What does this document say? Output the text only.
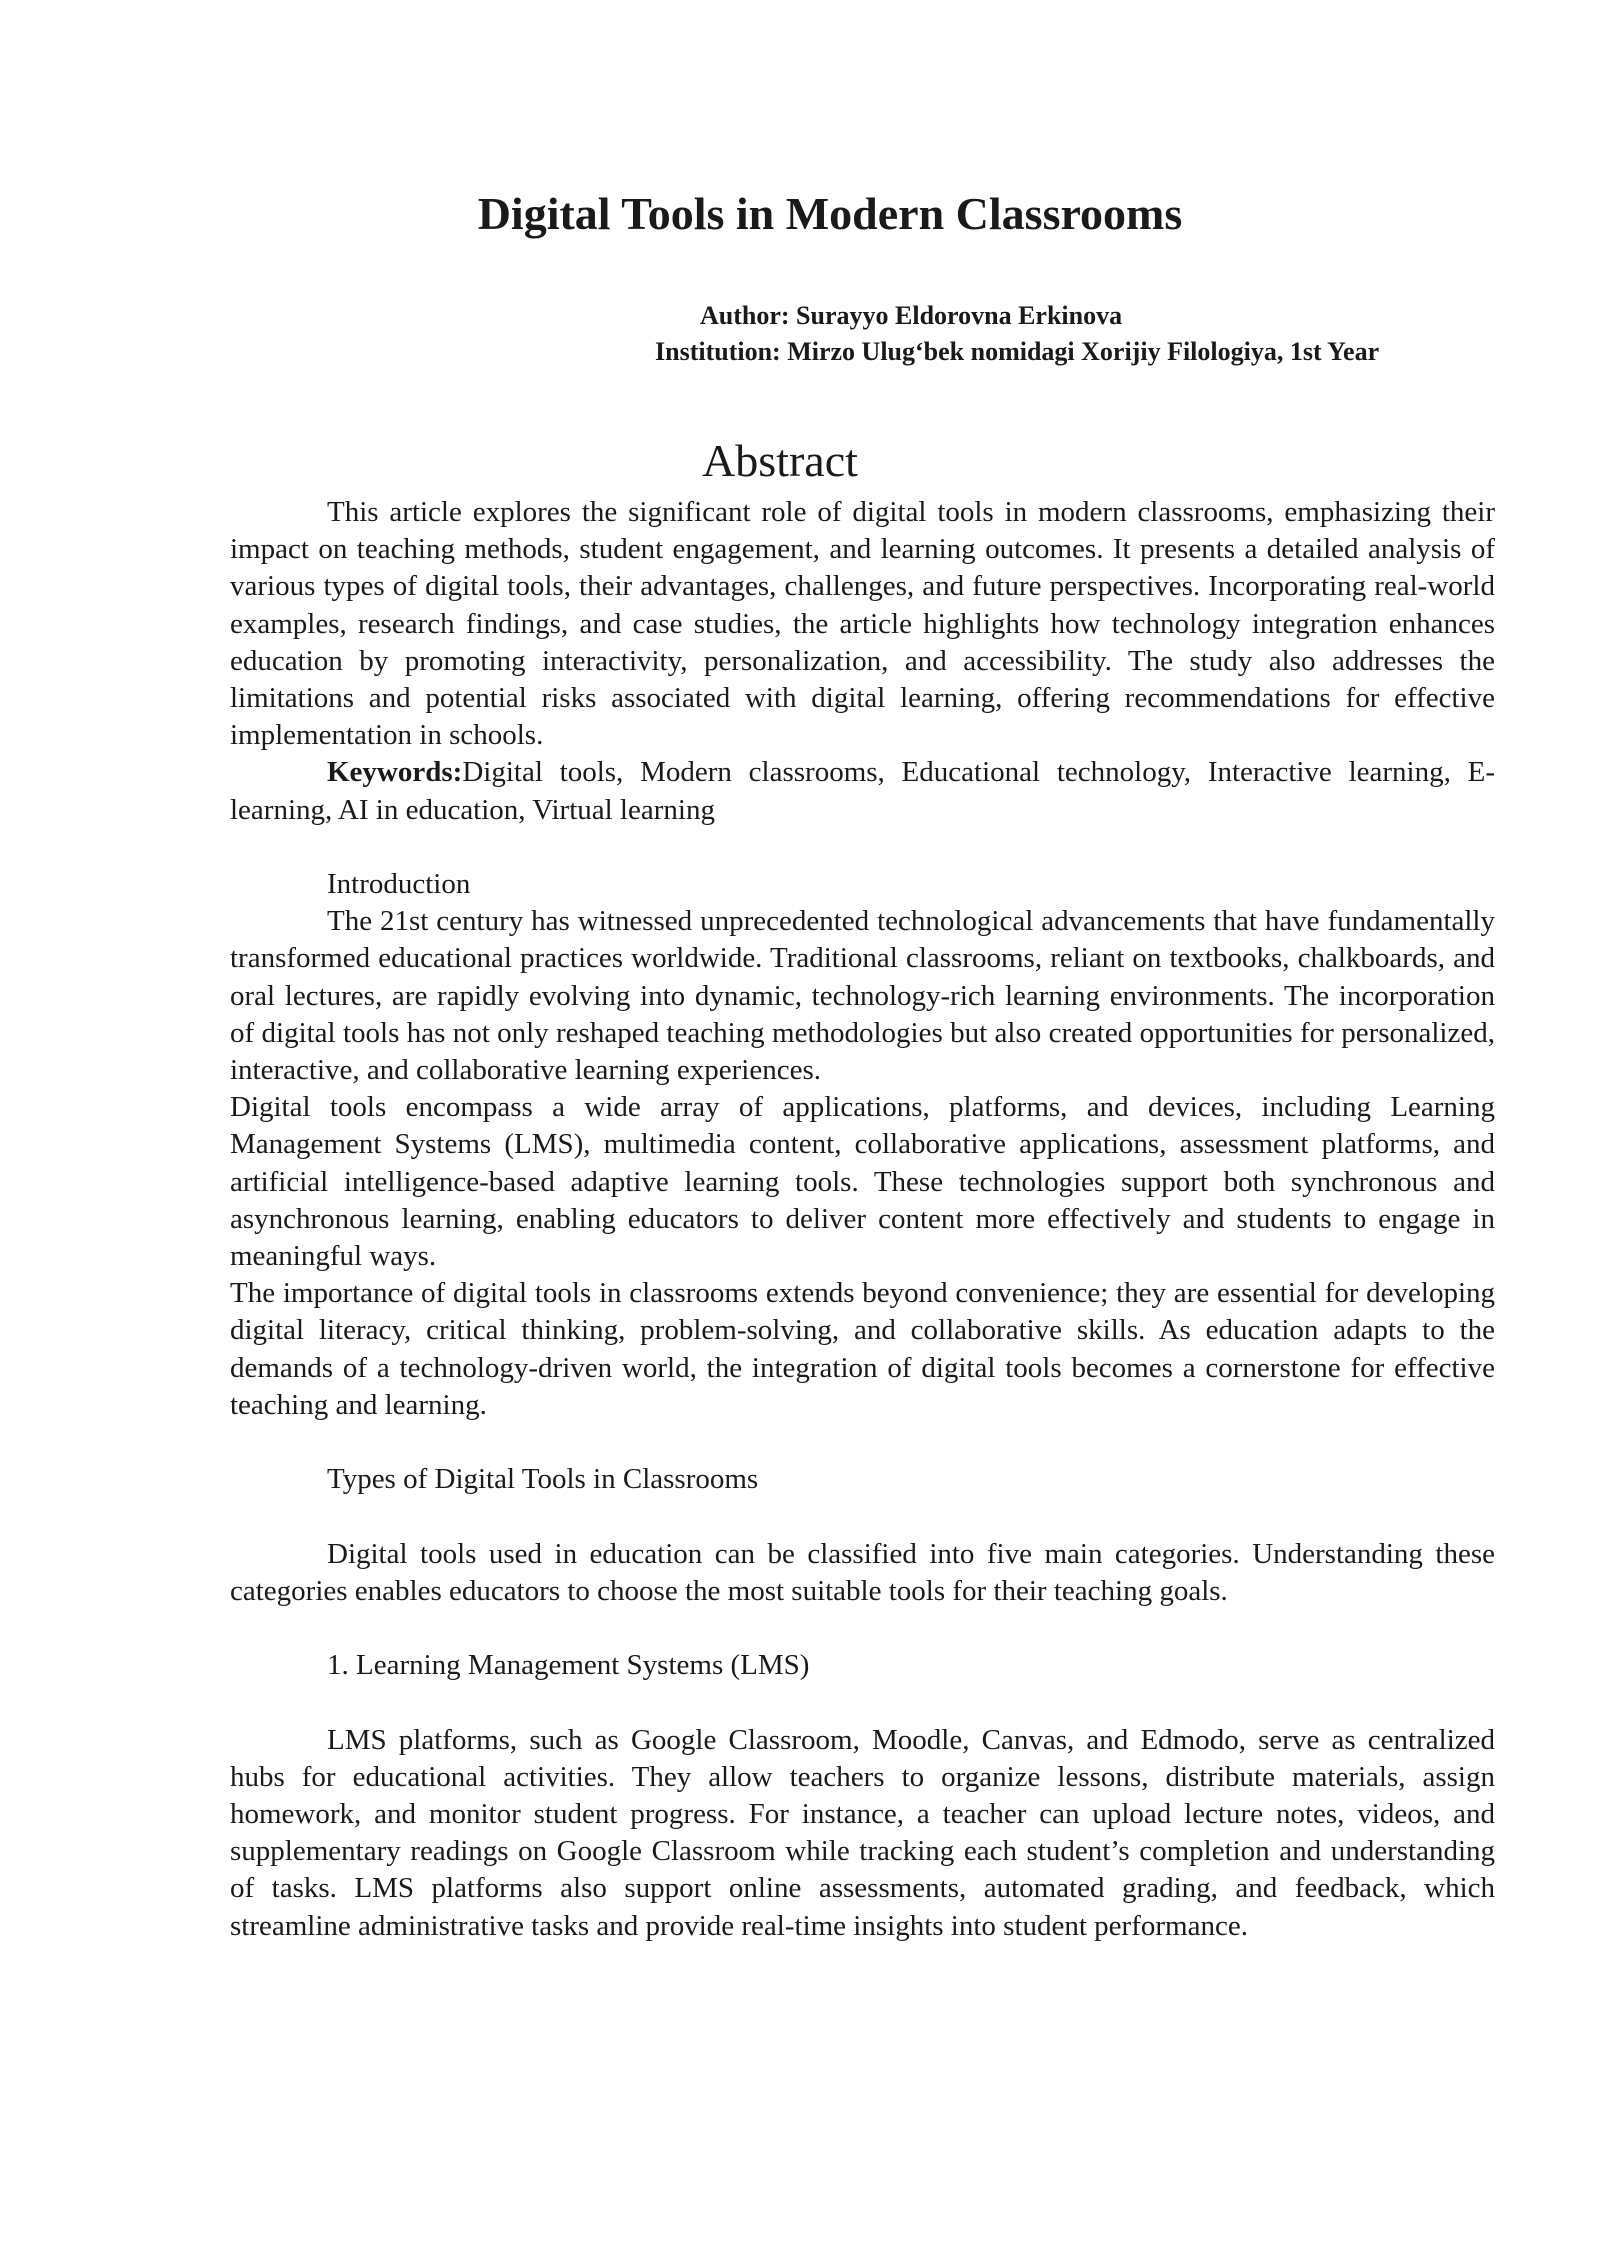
Digital Tools in Modern Classrooms
Author: Surayyo Eldorovna Erkinova
Institution: Mirzo Ulug‘bek nomidagi Xorijiy Filologiya, 1st Year
Abstract

This article explores the significant role of digital tools in modern classrooms, emphasizing their impact on teaching methods, student engagement, and learning outcomes. It presents a detailed analysis of various types of digital tools, their advantages, challenges, and future perspectives. Incorporating real-world examples, research findings, and case studies, the article highlights how technology integration enhances education by promoting interactivity, personalization, and accessibility. The study also addresses the limitations and potential risks associated with digital learning, offering recommendations for effective implementation in schools.

Keywords:Digital tools, Modern classrooms, Educational technology, Interactive learning, E-learning, AI in education, Virtual learning

Introduction

The 21st century has witnessed unprecedented technological advancements that have fundamentally transformed educational practices worldwide. Traditional classrooms, reliant on textbooks, chalkboards, and oral lectures, are rapidly evolving into dynamic, technology-rich learning environments. The incorporation of digital tools has not only reshaped teaching methodologies but also created opportunities for personalized, interactive, and collaborative learning experiences.

Digital tools encompass a wide array of applications, platforms, and devices, including Learning Management Systems (LMS), multimedia content, collaborative applications, assessment platforms, and artificial intelligence-based adaptive learning tools. These technologies support both synchronous and asynchronous learning, enabling educators to deliver content more effectively and students to engage in meaningful ways.

The importance of digital tools in classrooms extends beyond convenience; they are essential for developing digital literacy, critical thinking, problem-solving, and collaborative skills. As education adapts to the demands of a technology-driven world, the integration of digital tools becomes a cornerstone for effective teaching and learning.

Types of Digital Tools in Classrooms

Digital tools used in education can be classified into five main categories. Understanding these categories enables educators to choose the most suitable tools for their teaching goals.

1. Learning Management Systems (LMS)

LMS platforms, such as Google Classroom, Moodle, Canvas, and Edmodo, serve as centralized hubs for educational activities. They allow teachers to organize lessons, distribute materials, assign homework, and monitor student progress. For instance, a teacher can upload lecture notes, videos, and supplementary readings on Google Classroom while tracking each student’s completion and understanding of tasks. LMS platforms also support online assessments, automated grading, and feedback, which streamline administrative tasks and provide real-time insights into student performance.
